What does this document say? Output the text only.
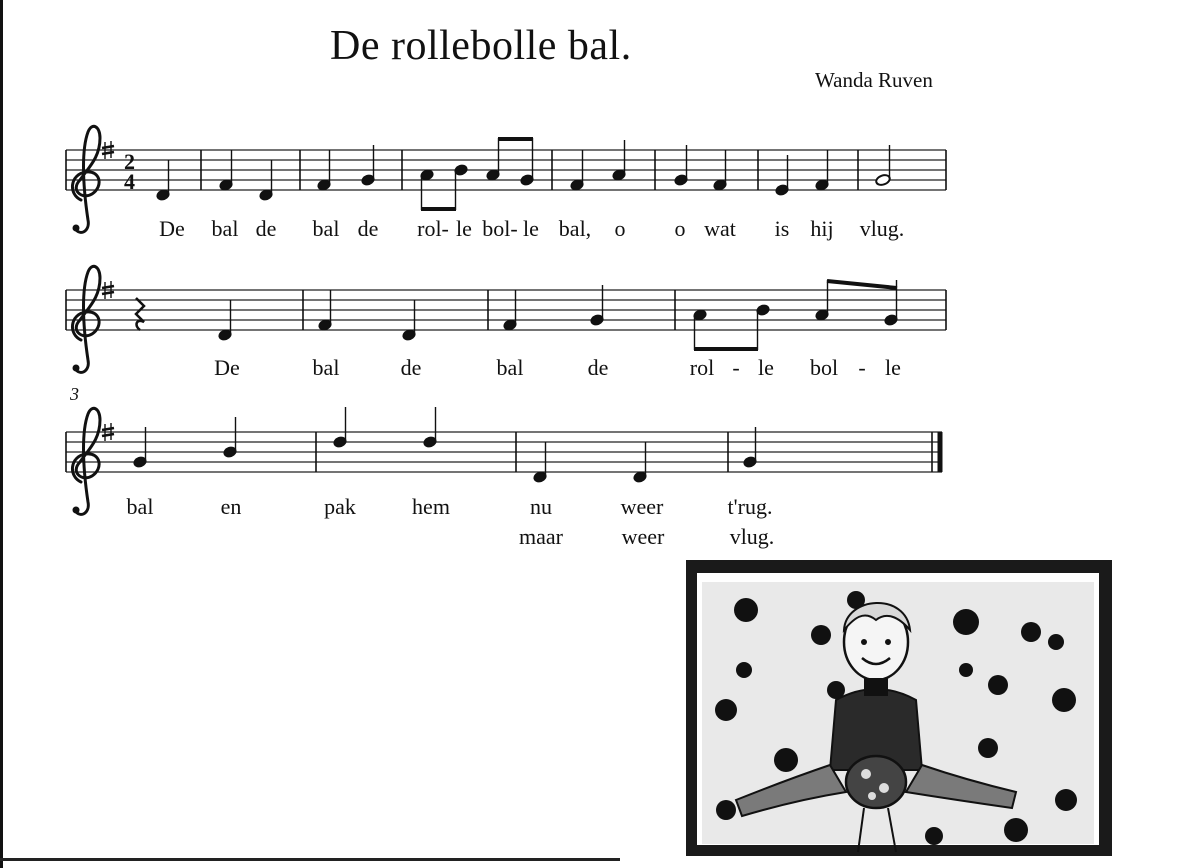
De rollebolle bal.
Wanda Ruven
2
4
3
De bal de bal de rol- le bol- le bal, o o wat is hij vlug.
De	bal	de	bal	de	rol - le bol - le
bal	en	pak	hem	nu	weer	t'rug.
maar	weer	vlug.
